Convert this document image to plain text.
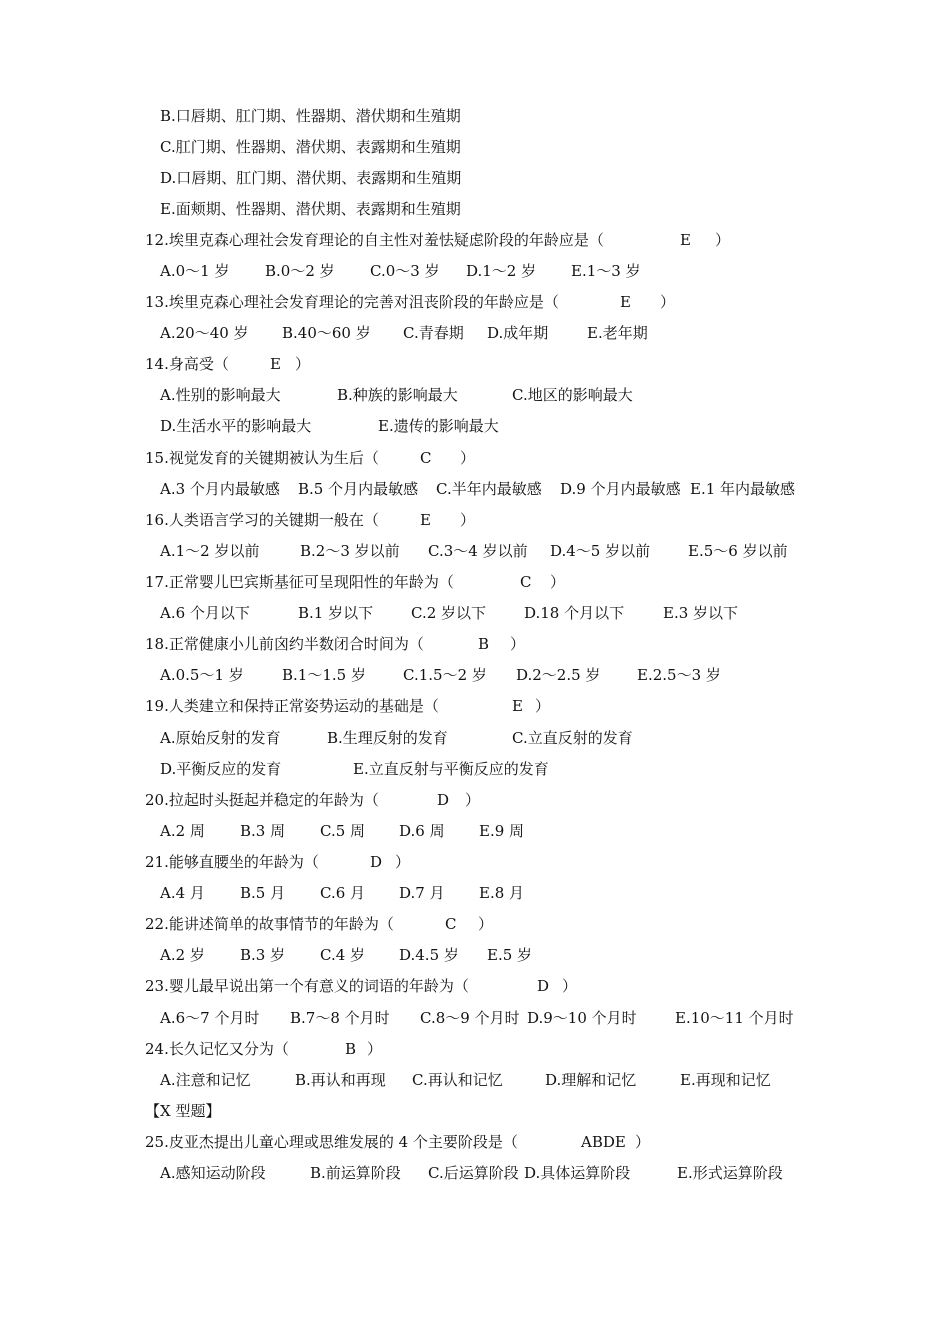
B.口唇期、肛门期、性器期、潜伏期和生殖期
C.肛门期、性器期、潜伏期、表露期和生殖期
D.口唇期、肛门期、潜伏期、表露期和生殖期
E.面颊期、性器期、潜伏期、表露期和生殖期

12.埃里克森心理社会发育理论的自主性对羞怯疑虑阶段的年龄应是（

	E

）

A.0～1 岁

B.0～2 岁

C.0～3 岁

D.1～2 岁

E.1～3 岁

13.埃里克森心理社会发育理论的完善对沮丧阶段的年龄应是（

	E

）

A.20～40 岁

B.40～60 岁

C.青春期

D.成年期

	E.老年期

14.身高受（

	E

）

A.性别的影响最大

	B.种族的影响最大

	C.地区的影响最大

D.生活水平的影响最大

	E.遗传的影响最大

15.视觉发育的关键期被认为生后（

	C

）

A.3 个月内最敏感

B.5 个月内最敏感

C.半年内最敏感

D.9 个月内最敏感

E.1 年内最敏感

16.人类语言学习的关键期一般在（

	E

）

A.1～2 岁以前

	B.2～3 岁以前

C.3～4 岁以前

D.4～5 岁以前

	E.5～6 岁以前

17.正常婴儿巴宾斯基征可呈现阳性的年龄为（

	C

）

A.6 个月以下

	B.1 岁以下

	C.2 岁以下

	D.18 个月以下

	E.3 岁以下

18.正常健康小儿前囟约半数闭合时间为（

	B

）

A.0.5～1 岁

	B.1～1.5 岁

C.1.5～2 岁

D.2～2.5 岁

E.2.5～3 岁

19.人类建立和保持正常姿势运动的基础是（

	E

）

A.原始反射的发育

	B.生理反射的发育

	C.立直反射的发育

D.平衡反应的发育

	E.立直反射与平衡反应的发育

20.拉起时头挺起并稳定的年龄为（

	D

）

A.2 周

B.3 周

C.5 周

D.6 周

E.9 周

21.能够直腰坐的年龄为（

	D

）

A.4 月

B.5 月

C.6 月

D.7 月

E.8 月

22.能讲述简单的故事情节的年龄为（

	C

）

A.2 岁

B.3 岁

C.4 岁

D.4.5 岁

E.5 岁

23.婴儿最早说出第一个有意义的词语的年龄为（

	D

）

A.6～7 个月时

B.7～8 个月时

C.8～9 个月时

D.9～10 个月时

	E.10～11 个月时

24.长久记忆又分为（

	B

）

A.注意和记忆

	B.再认和再现

C.再认和记忆

	D.理解和记忆

	E.再现和记忆

【X 型题】

25.皮亚杰提出儿童心理或思维发展的 4 个主要阶段是（

	ABDE

）

A.感知运动阶段

	B.前运算阶段

C.后运算阶段

D.具体运算阶段

	E.形式运算阶段
